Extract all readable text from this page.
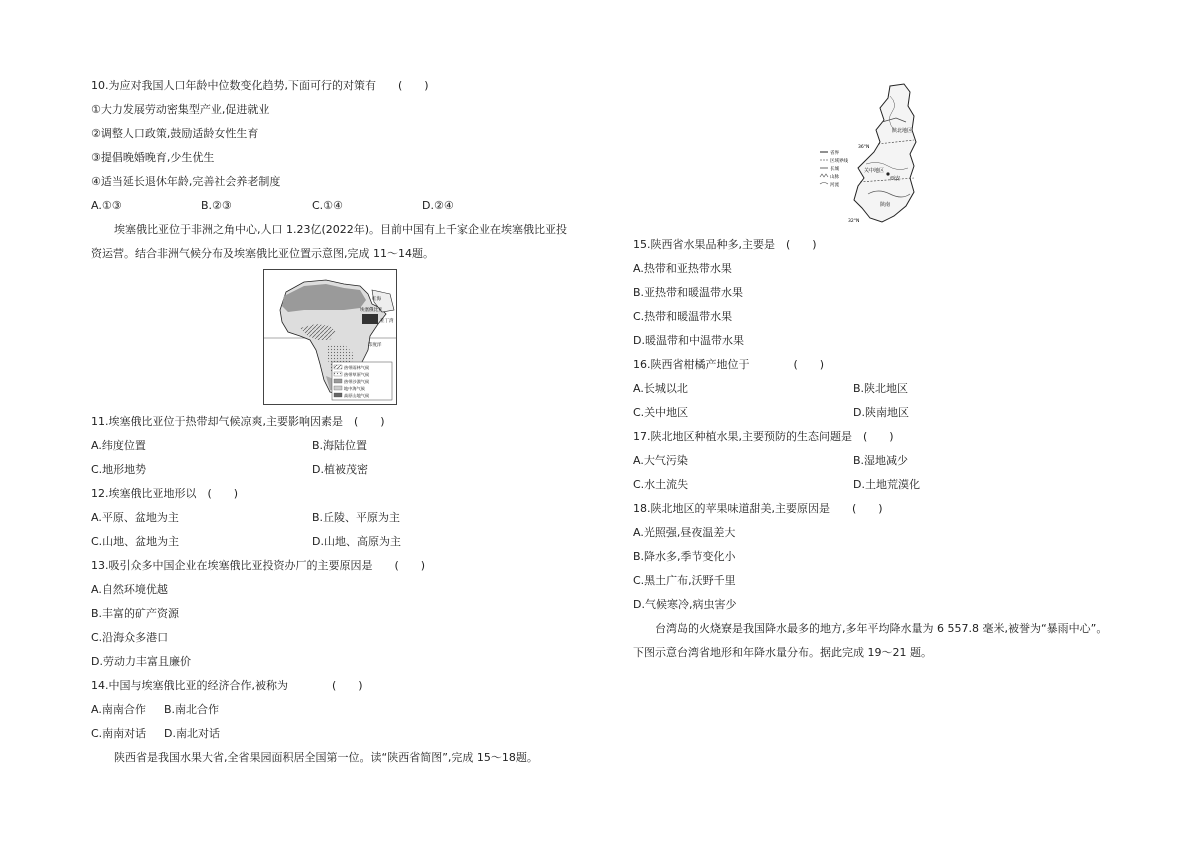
10.为应对我国人口年龄中位数变化趋势,下面可行的对策有　　(　　)
①大力发展劳动密集型产业,促进就业
②调整人口政策,鼓励适龄女性生育
③提倡晚婚晚育,少生优生
④适当延长退休年龄,完善社会养老制度
A.①③	B.②③	C.①④	D.②④
埃塞俄比亚位于非洲之角中心,人口 1.23亿(2022年)。目前中国有上千家企业在埃塞俄比亚投
资运营。结合非洲气候分布及埃塞俄比亚位置示意图,完成 11～14题。
热带雨林气候
热带草原气候
热带沙漠气候
地中海气候
高原山地气候
红海
埃塞俄比亚
亚丁湾
印度洋
11.埃塞俄比亚位于热带却气候凉爽,主要影响因素是　(　　)
A.纬度位置	B.海陆位置
C.地形地势	D.植被茂密
12.埃塞俄比亚地形以　(　　)
A.平原、盆地为主	B.丘陵、平原为主
C.山地、盆地为主	D.山地、高原为主
13.吸引众多中国企业在埃塞俄比亚投资办厂的主要原因是　　(　　)
A.自然环境优越
B.丰富的矿产资源
C.沿海众多港口
D.劳动力丰富且廉价
14.中国与埃塞俄比亚的经济合作,被称为　　　　(　　)
A.南南合作 B.南北合作
C.南南对话 D.南北对话
陕西省是我国水果大省,全省果园面积居全国第一位。读“陕西省简图”,完成 15～18题。
省界
区域界线
长城
山脉
河流
陕北地区
36°N
关中地区
西安
陕南
32°N
15.陕西省水果品种多,主要是　(　　)
A.热带和亚热带水果
B.亚热带和暖温带水果
C.热带和暖温带水果
D.暖温带和中温带水果
16.陕西省柑橘产地位于　　　　(　　)
A.长城以北	B.陕北地区
C.关中地区	D.陕南地区
17.陕北地区种植水果,主要预防的生态问题是　(　　)
A.大气污染	B.湿地减少
C.水土流失	D.土地荒漠化
18.陕北地区的苹果味道甜美,主要原因是　　(　　)
A.光照强,昼夜温差大
B.降水多,季节变化小
C.黑土广布,沃野千里
D.气候寒冷,病虫害少
台湾岛的火烧寮是我国降水最多的地方,多年平均降水量为 6 557.8 毫米,被誉为“暴雨中心”。
下图示意台湾省地形和年降水量分布。据此完成 19～21 题。
